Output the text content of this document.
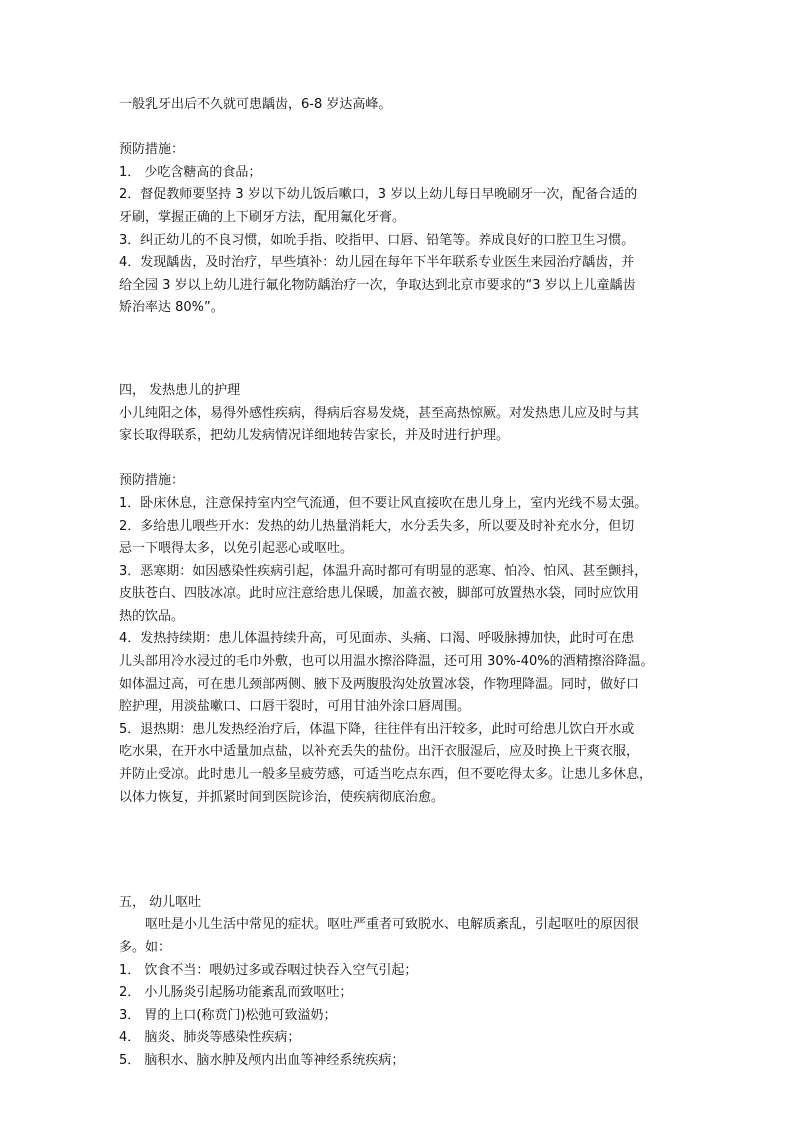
一般乳牙出后不久就可患龋齿，6-8 岁达高峰。
预防措施：
1． 少吃含糖高的食品；
2．督促教师要坚持 3 岁以下幼儿饭后嗽口，3 岁以上幼儿每日早晚刷牙一次，配备合适的
牙刷，掌握正确的上下刷牙方法，配用氟化牙膏。
3．纠正幼儿的不良习惯，如吮手指、咬指甲、口唇、铅笔等。养成良好的口腔卫生习惯。
4．发现龋齿，及时治疗，早些填补：幼儿园在每年下半年联系专业医生来园治疗龋齿，并
给全园 3 岁以上幼儿进行氟化物防龋治疗一次，争取达到北京市要求的“3 岁以上儿童龋齿
矫治率达 80%”。
四， 发热患儿的护理
小儿纯阳之体，易得外感性疾病，得病后容易发烧，甚至高热惊厥。对发热患儿应及时与其
家长取得联系，把幼儿发病情况详细地转告家长，并及时进行护理。
预防措施：
1．卧床休息，注意保持室内空气流通，但不要让风直接吹在患儿身上，室内光线不易太强。
2．多给患儿喂些开水：发热的幼儿热量消耗大，水分丢失多，所以要及时补充水分，但切
忌一下喂得太多，以免引起恶心或呕吐。
3．恶寒期：如因感染性疾病引起，体温升高时都可有明显的恶寒、怕冷、怕风、甚至颤抖，
皮肤苍白、四肢冰凉。此时应注意给患儿保暖，加盖衣被，脚部可放置热水袋，同时应饮用
热的饮品。
4．发热持续期：患儿体温持续升高，可见面赤、头痛、口渴、呼吸脉搏加快，此时可在患
儿头部用冷水浸过的毛巾外敷，也可以用温水擦浴降温，还可用 30%-40%的酒精擦浴降温。
如体温过高，可在患儿颈部两侧、腋下及两腹股沟处放置冰袋，作物理降温。同时，做好口
腔护理，用淡盐嗽口、口唇干裂时，可用甘油外涂口唇周围。
5．退热期：患儿发热经治疗后，体温下降，往往伴有出汗较多，此时可给患儿饮白开水或
吃水果，在开水中适量加点盐，以补充丢失的盐份。出汗衣服湿后，应及时换上干爽衣服，
并防止受凉。此时患儿一般多呈疲劳感，可适当吃点东西，但不要吃得太多。让患儿多休息，
以体力恢复，并抓紧时间到医院诊治，使疾病彻底治愈。
五， 幼儿呕吐
呕吐是小儿生活中常见的症状。呕吐严重者可致脱水、电解质紊乱，引起呕吐的原因很
多。如：
1． 饮食不当：喂奶过多或吞咽过快吞入空气引起；
2． 小儿肠炎引起肠功能紊乱而致呕吐；
3． 胃的上口(称贲门)松弛可致溢奶；
4． 脑炎、肺炎等感染性疾病；
5． 脑积水、脑水肿及颅内出血等神经系统疾病；
